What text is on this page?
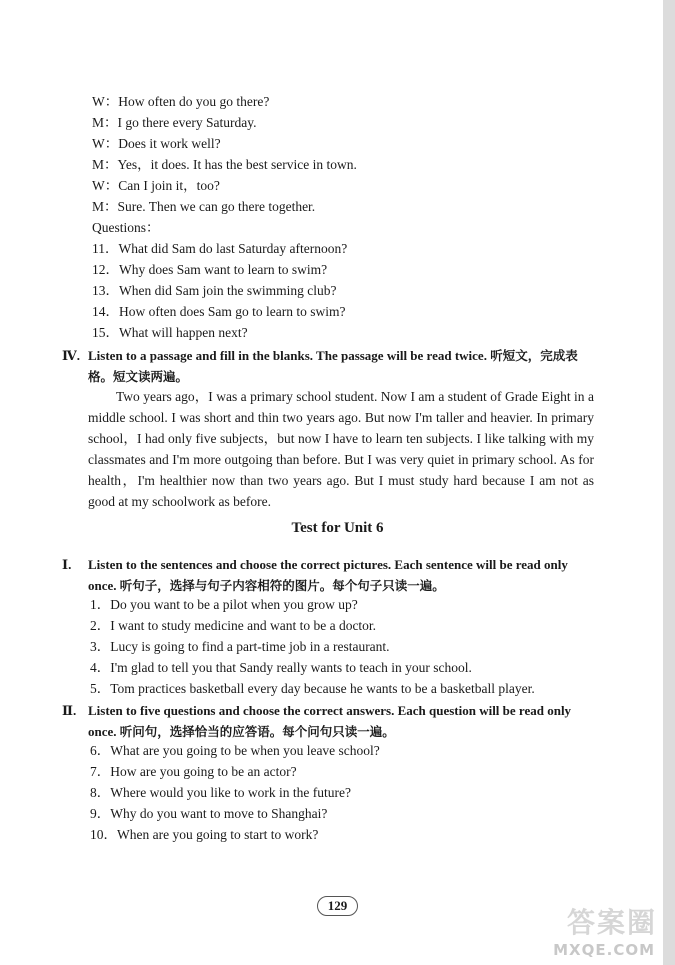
W：How often do you go there?
M：I go there every Saturday.
W：Does it work well?
M：Yes，it does. It has the best service in town.
W：Can I join it，too?
M：Sure. Then we can go there together.
Questions：
11．What did Sam do last Saturday afternoon?
12．Why does Sam want to learn to swim?
13．When did Sam join the swimming club?
14．How often does Sam go to learn to swim?
15．What will happen next?
Ⅳ. Listen to a passage and fill in the blanks. The passage will be read twice. 听短文，完成表格。短文读两遍。
Two years ago，I was a primary school student. Now I am a student of Grade Eight in a middle school. I was short and thin two years ago. But now I'm taller and heavier. In primary school，I had only five subjects，but now I have to learn ten subjects. I like talking with my classmates and I'm more outgoing than before. But I was very quiet in primary school. As for health，I'm healthier now than two years ago. But I must study hard because I am not as good at my schoolwork as before.
Test for Unit 6
Ⅰ. Listen to the sentences and choose the correct pictures. Each sentence will be read only once. 听句子，选择与句子内容相符的图片。每个句子只读一遍。
1．Do you want to be a pilot when you grow up?
2．I want to study medicine and want to be a doctor.
3．Lucy is going to find a part-time job in a restaurant.
4．I'm glad to tell you that Sandy really wants to teach in your school.
5．Tom practices basketball every day because he wants to be a basketball player.
Ⅱ. Listen to five questions and choose the correct answers. Each question will be read only once. 听问句，选择恰当的应答语。每个问句只读一遍。
6．What are you going to be when you leave school?
7．How are you going to be an actor?
8．Where would you like to work in the future?
9．Why do you want to move to Shanghai?
10．When are you going to start to work?
129
答案圈
MXQE.COM
